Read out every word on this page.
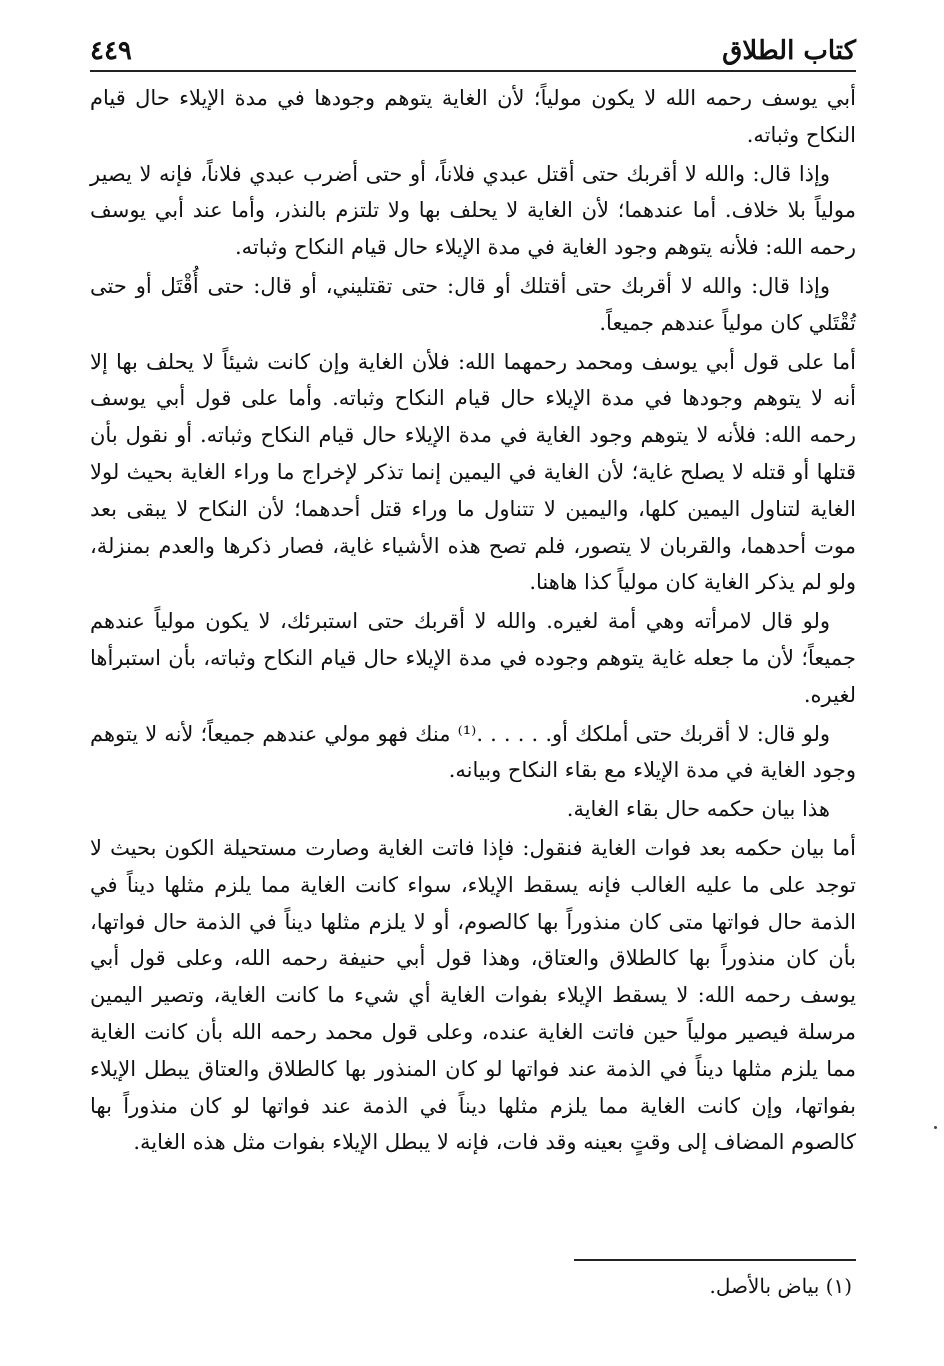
٤٤٩	كتاب الطلاق

أبي يوسف رحمه الله لا يكون مولياً؛ لأن الغاية يتوهم وجودها في مدة الإيلاء حال قيام النكاح وثباته.

وإذا قال: والله لا أقربك حتى أقتل عبدي فلاناً، أو حتى أضرب عبدي فلاناً، فإنه لا يصير مولياً بلا خلاف. أما عندهما؛ لأن الغاية لا يحلف بها ولا تلتزم بالنذر، وأما عند أبي يوسف رحمه الله: فلأنه يتوهم وجود الغاية في مدة الإيلاء حال قيام النكاح وثباته.

وإذا قال: والله لا أقربك حتى أقتلك أو قال: حتى تقتليني، أو قال: حتى أُقْتَل أو حتى تُقْتَلي كان مولياً عندهم جميعاً.

أما على قول أبي يوسف ومحمد رحمهما الله: فلأن الغاية وإن كانت شيئاً لا يحلف بها إلا أنه لا يتوهم وجودها في مدة الإيلاء حال قيام النكاح وثباته. وأما على قول أبي يوسف رحمه الله: فلأنه لا يتوهم وجود الغاية في مدة الإيلاء حال قيام النكاح وثباته. أو نقول بأن قتلها أو قتله لا يصلح غاية؛ لأن الغاية في اليمين إنما تذكر لإخراج ما وراء الغاية بحيث لولا الغاية لتناول اليمين كلها، واليمين لا تتناول ما وراء قتل أحدهما؛ لأن النكاح لا يبقى بعد موت أحدهما، والقربان لا يتصور، فلم تصح هذه الأشياء غاية، فصار ذكرها والعدم بمنزلة، ولو لم يذكر الغاية كان مولياً كذا هاهنا.

ولو قال لامرأته وهي أمة لغيره. والله لا أقربك حتى استبرئك، لا يكون مولياً عندهم جميعاً؛ لأن ما جعله غاية يتوهم وجوده في مدة الإيلاء حال قيام النكاح وثباته، بأن استبرأها لغيره.

ولو قال: لا أقربك حتى أملكك أو. . . . . .⁽¹⁾ منك فهو مولي عندهم جميعاً؛ لأنه لا يتوهم وجود الغاية في مدة الإيلاء مع بقاء النكاح وبيانه.

هذا بيان حكمه حال بقاء الغاية.

أما بيان حكمه بعد فوات الغاية فنقول: فإذا فاتت الغاية وصارت مستحيلة الكون بحيث لا توجد على ما عليه الغالب فإنه يسقط الإيلاء، سواء كانت الغاية مما يلزم مثلها ديناً في الذمة حال فواتها متى كان منذوراً بها كالصوم، أو لا يلزم مثلها ديناً في الذمة حال فواتها، بأن كان منذوراً بها كالطلاق والعتاق، وهذا قول أبي حنيفة رحمه الله، وعلى قول أبي يوسف رحمه الله: لا يسقط الإيلاء بفوات الغاية أي شيء ما كانت الغاية، وتصير اليمين مرسلة فيصير مولياً حين فاتت الغاية عنده، وعلى قول محمد رحمه الله بأن كانت الغاية مما يلزم مثلها ديناً في الذمة عند فواتها لو كان المنذور بها كالطلاق والعتاق يبطل الإيلاء بفواتها، وإن كانت الغاية مما يلزم مثلها ديناً في الذمة عند فواتها لو كان منذوراً بها كالصوم المضاف إلى وقتٍ بعينه وقد فات، فإنه لا يبطل الإيلاء بفوات مثل هذه الغاية.

(١) بياض بالأصل.
